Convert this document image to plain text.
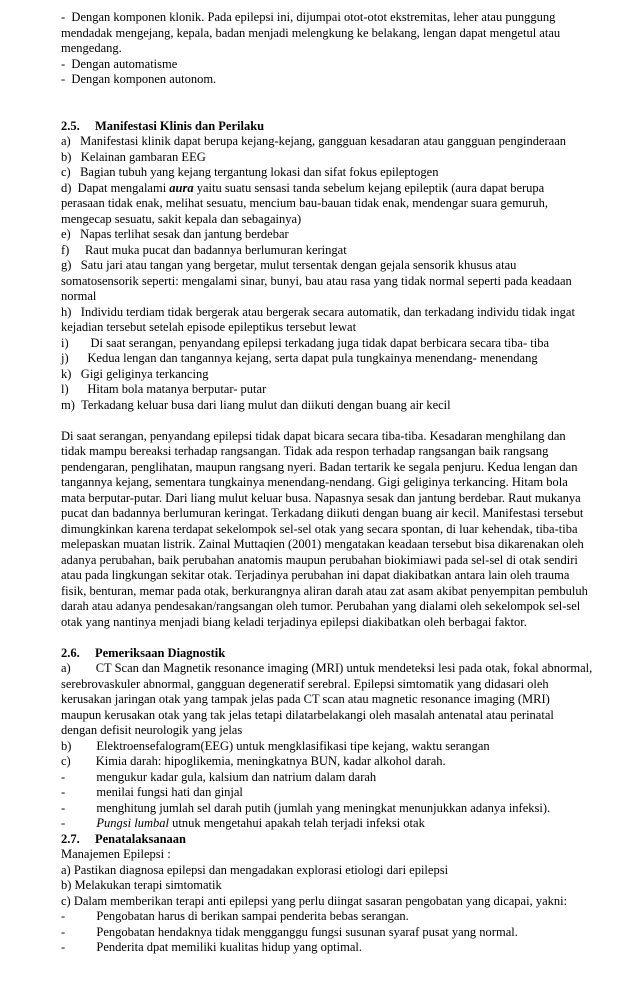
-  Dengan komponen klonik. Pada epilepsi ini, dijumpai otot-otot ekstremitas, leher atau punggung
mendadak mengejang, kepala, badan menjadi melengkung ke belakang, lengan dapat mengetul atau
mengedang.
-  Dengan automatisme
-  Dengan komponen autonom.
2.5.	Manifestasi Klinis dan Perilaku
a)   Manifestasi klinik dapat berupa kejang-kejang, gangguan kesadaran atau gangguan penginderaan
b)   Kelainan gambaran EEG
c)   Bagian tubuh yang kejang tergantung lokasi dan sifat fokus epileptogen
d)  Dapat mengalami aura yaitu suatu sensasi tanda sebelum kejang epileptik (aura dapat berupa
perasaan tidak enak, melihat sesuatu, mencium bau-bauan tidak enak, mendengar suara gemuruh,
mengecap sesuatu, sakit kepala dan sebagainya)
e)   Napas terlihat sesak dan jantung berdebar
f)     Raut muka pucat dan badannya berlumuran keringat
g)   Satu jari atau tangan yang bergetar, mulut tersentak dengan gejala sensorik khusus atau
somatosensorik seperti: mengalami sinar, bunyi, bau atau rasa yang tidak normal seperti pada keadaan
normal
h)   Individu terdiam tidak bergerak atau bergerak secara automatik, dan terkadang individu tidak ingat
kejadian tersebut setelah episode epileptikus tersebut lewat
i)       Di saat serangan, penyandang epilepsi terkadang juga tidak dapat berbicara secara tiba- tiba
j)      Kedua lengan dan tangannya kejang, serta dapat pula tungkainya menendang- menendang
k)   Gigi geliginya terkancing
l)      Hitam bola matanya berputar- putar
m)  Terkadang keluar busa dari liang mulut dan diikuti dengan buang air kecil
Di saat serangan, penyandang epilepsi tidak dapat bicara secara tiba-tiba. Kesadaran menghilang dan
tidak mampu bereaksi terhadap rangsangan. Tidak ada respon terhadap rangsangan baik rangsang
pendengaran, penglihatan, maupun rangsang nyeri. Badan tertarik ke segala penjuru. Kedua lengan dan
tangannya kejang, sementara tungkainya menendang-nendang. Gigi geliginya terkancing. Hitam bola
mata berputar-putar. Dari liang mulut keluar busa. Napasnya sesak dan jantung berdebar. Raut mukanya
pucat dan badannya berlumuran keringat. Terkadang diikuti dengan buang air kecil. Manifestasi tersebut
dimungkinkan karena terdapat sekelompok sel-sel otak yang secara spontan, di luar kehendak, tiba-tiba
melepaskan muatan listrik. Zainal Muttaqien (2001) mengatakan keadaan tersebut bisa dikarenakan oleh
adanya perubahan, baik perubahan anatomis maupun perubahan biokimiawi pada sel-sel di otak sendiri
atau pada lingkungan sekitar otak. Terjadinya perubahan ini dapat diakibatkan antara lain oleh trauma
fisik, benturan, memar pada otak, berkurangnya aliran darah atau zat asam akibat penyempitan pembuluh
darah atau adanya pendesakan/rangsangan oleh tumor. Perubahan yang dialami oleh sekelompok sel-sel
otak yang nantinya menjadi biang keladi terjadinya epilepsi diakibatkan oleh berbagai faktor.
2.6.	Pemeriksaan Diagnostik
a)        CT Scan dan Magnetik resonance imaging (MRI) untuk mendeteksi lesi pada otak, fokal abnormal,
serebrovaskuler abnormal, gangguan degeneratif serebral. Epilepsi simtomatik yang didasari oleh
kerusakan jaringan otak yang tampak jelas pada CT scan atau magnetic resonance imaging (MRI)
maupun kerusakan otak yang tak jelas tetapi dilatarbelakangi oleh masalah antenatal atau perinatal
dengan defisit neurologik yang jelas
b)        Elektroensefalogram(EEG) untuk mengklasifikasi tipe kejang, waktu serangan
c)        Kimia darah: hipoglikemia, meningkatnya BUN, kadar alkohol darah.
-          mengukur kadar gula, kalsium dan natrium dalam darah
-          menilai fungsi hati dan ginjal
-          menghitung jumlah sel darah putih (jumlah yang meningkat menunjukkan adanya infeksi).
- Pungsi lumbal utnuk mengetahui apakah telah terjadi infeksi otak
2.7.	Penatalaksanaan
Manajemen Epilepsi :
a) Pastikan diagnosa epilepsi dan mengadakan explorasi etiologi dari epilepsi
b) Melakukan terapi simtomatik
c) Dalam memberikan terapi anti epilepsi yang perlu diingat sasaran pengobatan yang dicapai, yakni:
-          Pengobatan harus di berikan sampai penderita bebas serangan.
-          Pengobatan hendaknya tidak mengganggu fungsi susunan syaraf pusat yang normal.
-          Penderita dpat memiliki kualitas hidup yang optimal.
